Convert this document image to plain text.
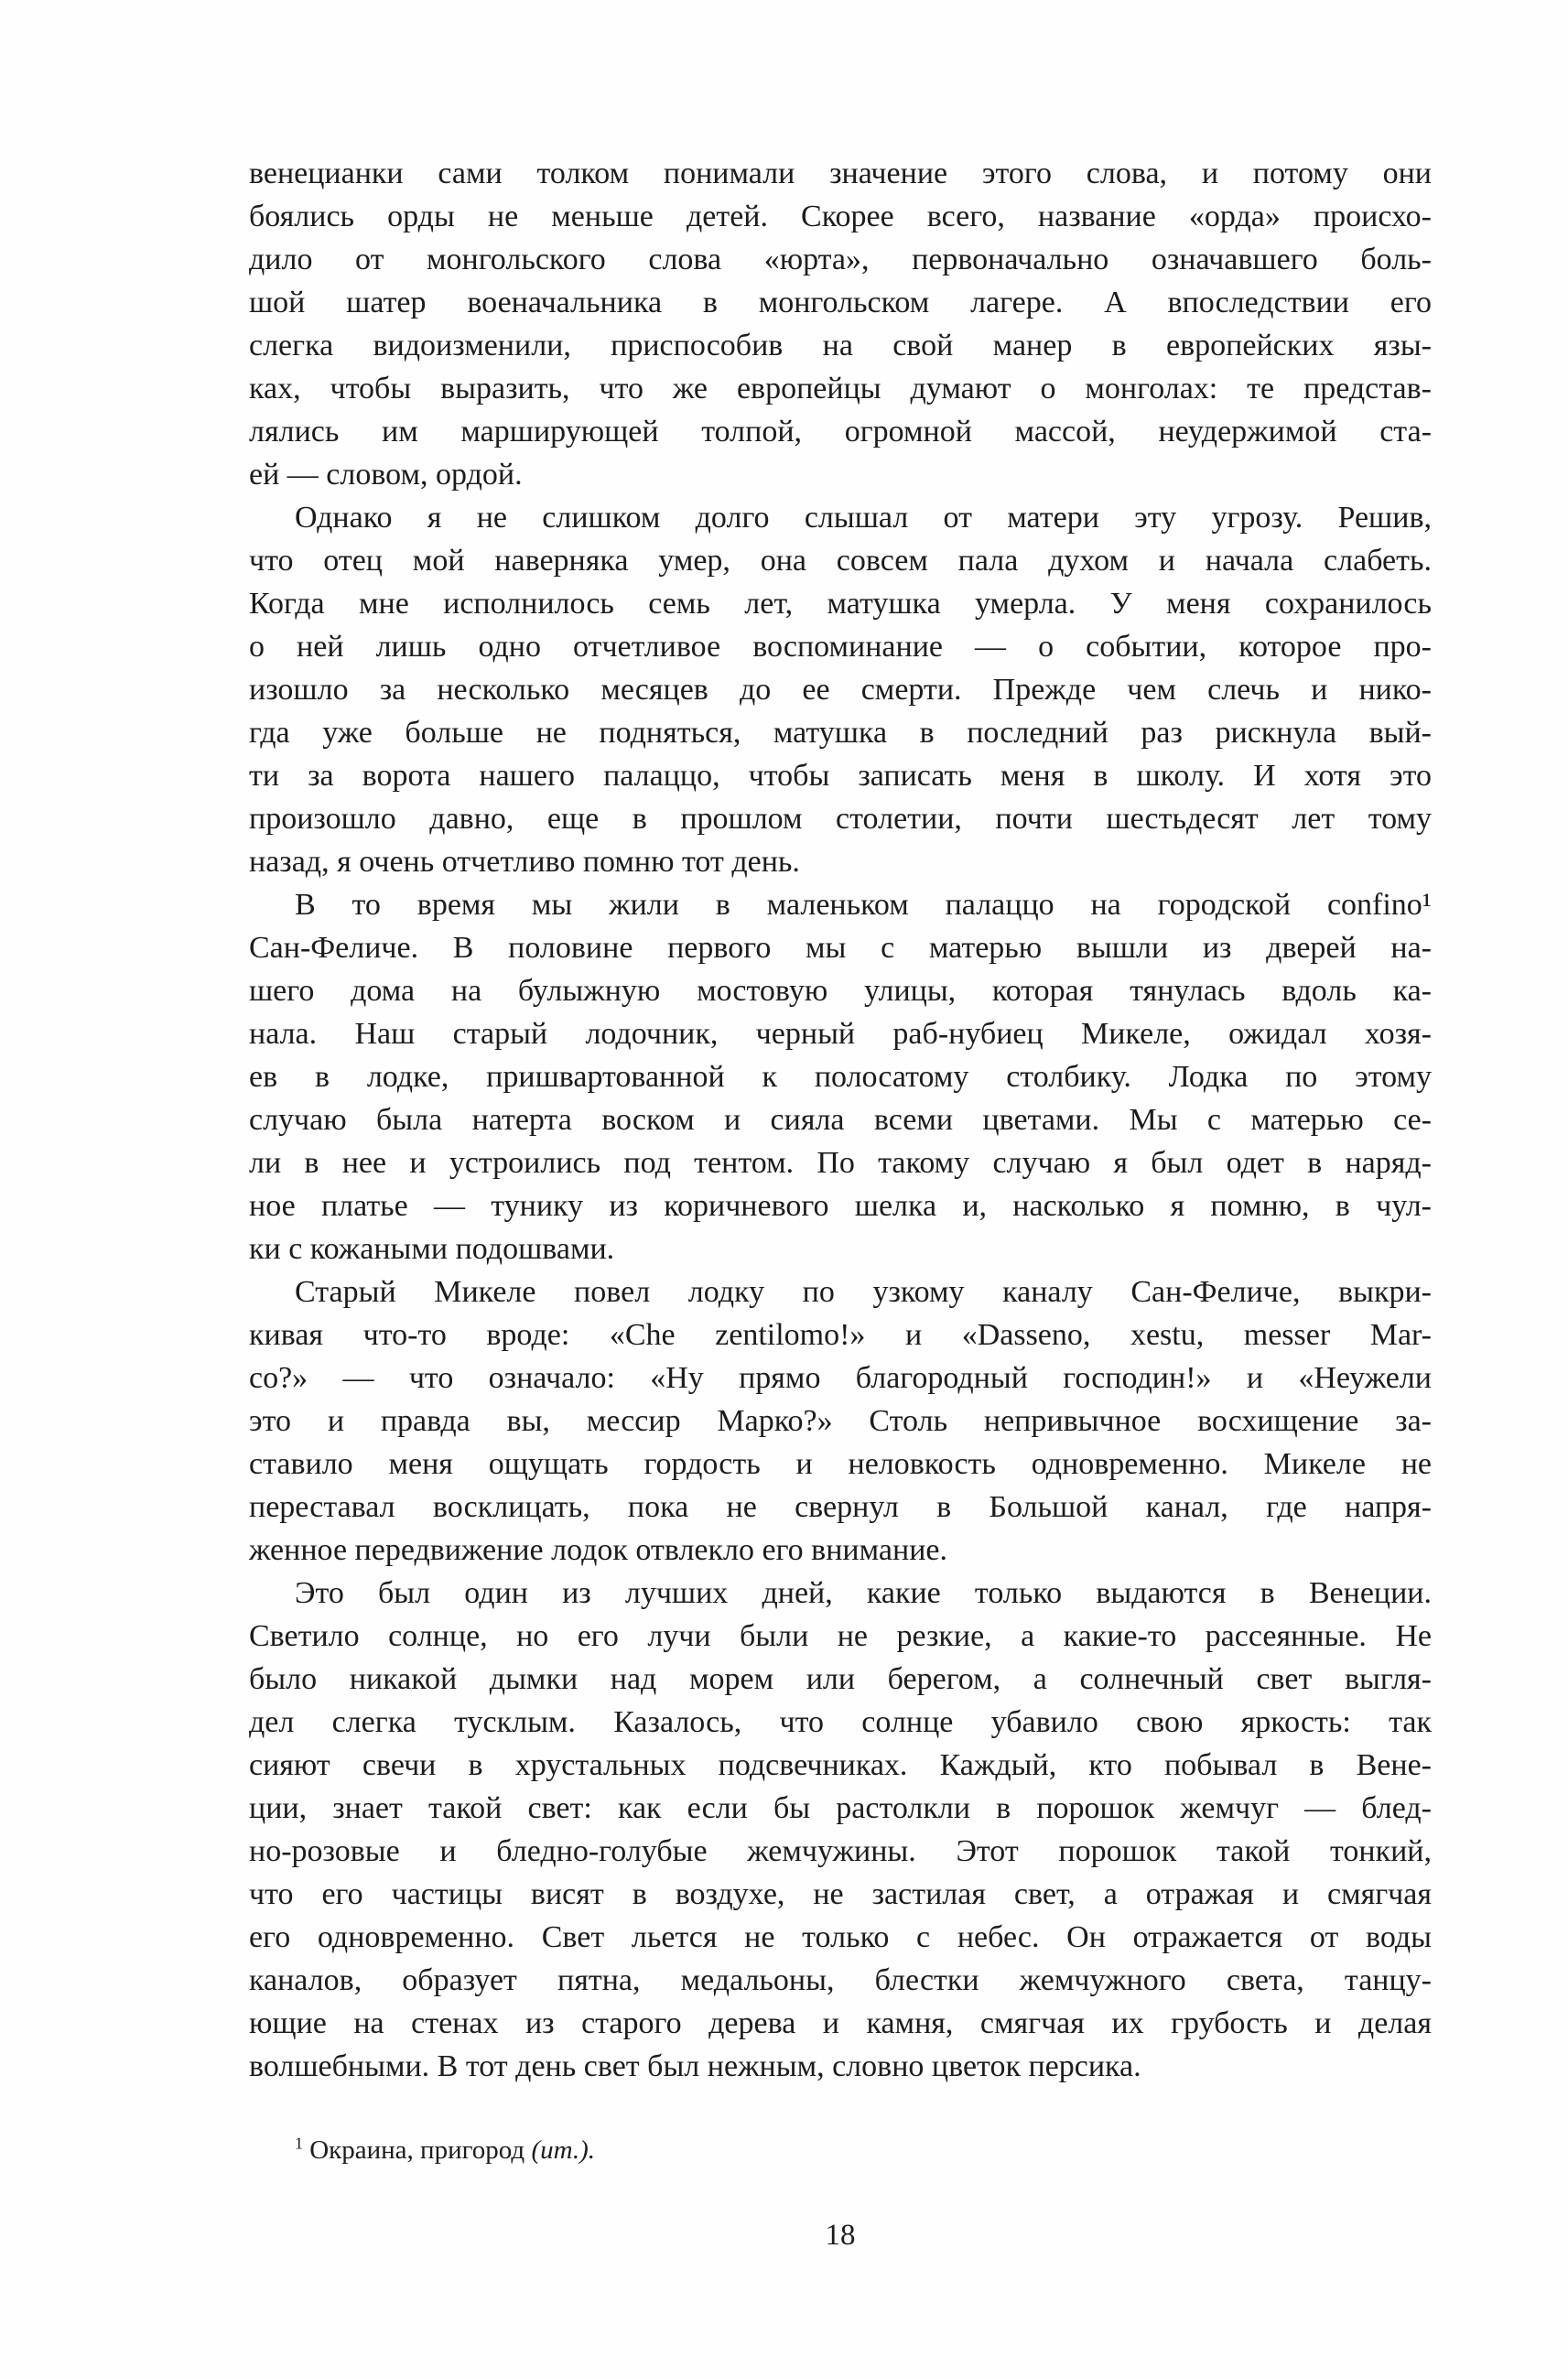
венецианки сами толком понимали значение этого слова, и потому они
боялись орды не меньше детей. Скорее всего, название «орда» происхо-
дило от монгольского слова «юрта», первоначально означавшего боль-
шой шатер военачальника в монгольском лагере. А впоследствии его
слегка видоизменили, приспособив на свой манер в европейских язы-
ках, чтобы выразить, что же европейцы думают о монголах: те представ-
лялись им марширующей толпой, огромной массой, неудержимой ста-
ей — словом, ордой.
Однако я не слишком долго слышал от матери эту угрозу. Решив,
что отец мой наверняка умер, она совсем пала духом и начала слабеть.
Когда мне исполнилось семь лет, матушка умерла. У меня сохранилось
о ней лишь одно отчетливое воспоминание — о событии, которое про-
изошло за несколько месяцев до ее смерти. Прежде чем слечь и нико-
гда уже больше не подняться, матушка в последний раз рискнула вый-
ти за ворота нашего палаццо, чтобы записать меня в школу. И хотя это
произошло давно, еще в прошлом столетии, почти шестьдесят лет тому
назад, я очень отчетливо помню тот день.
В то время мы жили в маленьком палаццо на городской confino¹
Сан-Феличе. В половине первого мы с матерью вышли из дверей на-
шего дома на булыжную мостовую улицы, которая тянулась вдоль ка-
нала. Наш старый лодочник, черный раб-нубиец Микеле, ожидал хозя-
ев в лодке, пришвартованной к полосатому столбику. Лодка по этому
случаю была натерта воском и сияла всеми цветами. Мы с матерью се-
ли в нее и устроились под тентом. По такому случаю я был одет в наряд-
ное платье — тунику из коричневого шелка и, насколько я помню, в чул-
ки с кожаными подошвами.
Старый Микеле повел лодку по узкому каналу Сан-Феличе, выкри-
кивая что-то вроде: «Che zentilomo!» и «Dasseno, xestu, messer Mar-
co?» — что означало: «Ну прямо благородный господин!» и «Неужели
это и правда вы, мессир Марко?» Столь непривычное восхищение за-
ставило меня ощущать гордость и неловкость одновременно. Микеле не
переставал восклицать, пока не свернул в Большой канал, где напря-
женное передвижение лодок отвлекло его внимание.
Это был один из лучших дней, какие только выдаются в Венеции.
Светило солнце, но его лучи были не резкие, а какие-то рассеянные. Не
было никакой дымки над морем или берегом, а солнечный свет выгля-
дел слегка тусклым. Казалось, что солнце убавило свою яркость: так
сияют свечи в хрустальных подсвечниках. Каждый, кто побывал в Вене-
ции, знает такой свет: как если бы растолкли в порошок жемчуг — блед-
но-розовые и бледно-голубые жемчужины. Этот порошок такой тонкий,
что его частицы висят в воздухе, не застилая свет, а отражая и смягчая
его одновременно. Свет льется не только с небес. Он отражается от воды
каналов, образует пятна, медальоны, блестки жемчужного света, танцу-
ющие на стенах из старого дерева и камня, смягчая их грубость и делая
волшебными. В тот день свет был нежным, словно цветок персика.
$^1$ Окраина, пригород (ит.).
18
